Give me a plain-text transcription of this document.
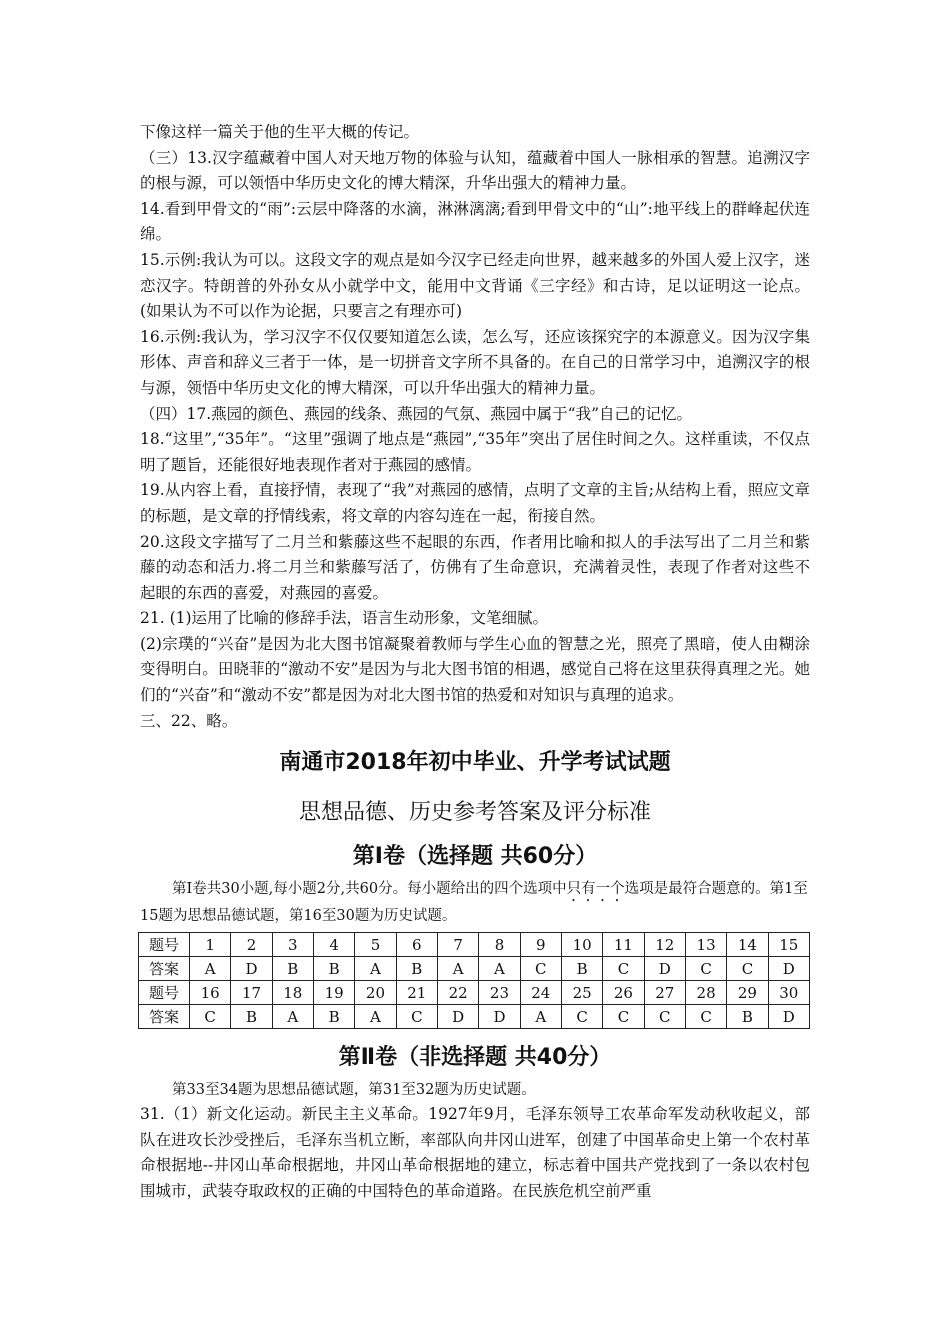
下像这样一篇关于他的生平大概的传记。

（三）13.汉字蕴藏着中国人对天地万物的体验与认知，蕴藏着中国人一脉相承的智慧。追溯汉字的根与源，可以领悟中华历史文化的博大精深，升华出强大的精神力量。

14.看到甲骨文的“雨”:云层中降落的水滴，淋淋漓漓;看到甲骨文中的“山”:地平线上的群峰起伏连绵。

15.示例:我认为可以。这段文字的观点是如今汉字已经走向世界，越来越多的外国人爱上汉字，迷恋汉字。特朗普的外孙女从小就学中文，能用中文背诵《三字经》和古诗，足以证明这一论点。(如果认为不可以作为论据，只要言之有理亦可)

16.示例:我认为，学习汉字不仅仅要知道怎么读，怎么写，还应该探究字的本源意义。因为汉字集形体、声音和辞义三者于一体，是一切拼音文字所不具备的。在自己的日常学习中，追溯汉字的根与源，领悟中华历史文化的博大精深，可以升华出强大的精神力量。

（四）17.燕园的颜色、燕园的线条、燕园的气氛、燕园中属于“我”自己的记忆。

18.“这里”,“35年”。“这里”强调了地点是“燕园”,“35年”突出了居住时间之久。这样重读，不仅点明了题旨，还能很好地表现作者对于燕园的感情。

19.从内容上看，直接抒情，表现了“我”对燕园的感情，点明了文章的主旨;从结构上看，照应文章的标题，是文章的抒情线索，将文章的内容勾连在一起，衔接自然。

20.这段文字描写了二月兰和紫藤这些不起眼的东西，作者用比喻和拟人的手法写出了二月兰和紫藤的动态和活力.将二月兰和紫藤写活了，仿佛有了生命意识，充满着灵性，表现了作者对这些不起眼的东西的喜爱，对燕园的喜爱。

21. (1)运用了比喻的修辞手法，语言生动形象，文笔细腻。

(2)宗璞的“兴奋”是因为北大图书馆凝聚着教师与学生心血的智慧之光，照亮了黑暗，使人由糊涂变得明白。田晓菲的“激动不安”是因为与北大图书馆的相遇，感觉自己将在这里获得真理之光。她们的“兴奋”和“激动不安”都是因为对北大图书馆的热爱和对知识与真理的追求。

三、22、略。

南通市2018年初中毕业、升学考试试题
思想品德、历史参考答案及评分标准
第Ⅰ卷（选择题 共60分）

第Ⅰ卷共30小题,每小题2分,共60分。每小题给出的四个选项中只有一个选项是最符合题意的。第1至15题为思想品德试题，第16至30题为历史试题。

题号	1	2	3	4	5	6	7	8	9	10	11	12	13	14	15
答案	A	D	B	B	A	B	A	A	C	B	C	D	C	C	D
题号	16	17	18	19	20	21	22	23	24	25	26	27	28	29	30
答案	C	B	A	B	A	C	D	D	A	C	C	C	C	B	D
第Ⅱ卷（非选择题 共40分）

第33至34题为思想品德试题，第31至32题为历史试题。

31.（1）新文化运动。新民主主义革命。1927年9月，毛泽东领导工农革命军发动秋收起义，部队在进攻长沙受挫后，毛泽东当机立断，率部队向井冈山进军，创建了中国革命史上第一个农村革命根据地--井冈山革命根据地，井冈山革命根据地的建立，标志着中国共产党找到了一条以农村包围城市，武装夺取政权的正确的中国特色的革命道路。在民族危机空前严重
